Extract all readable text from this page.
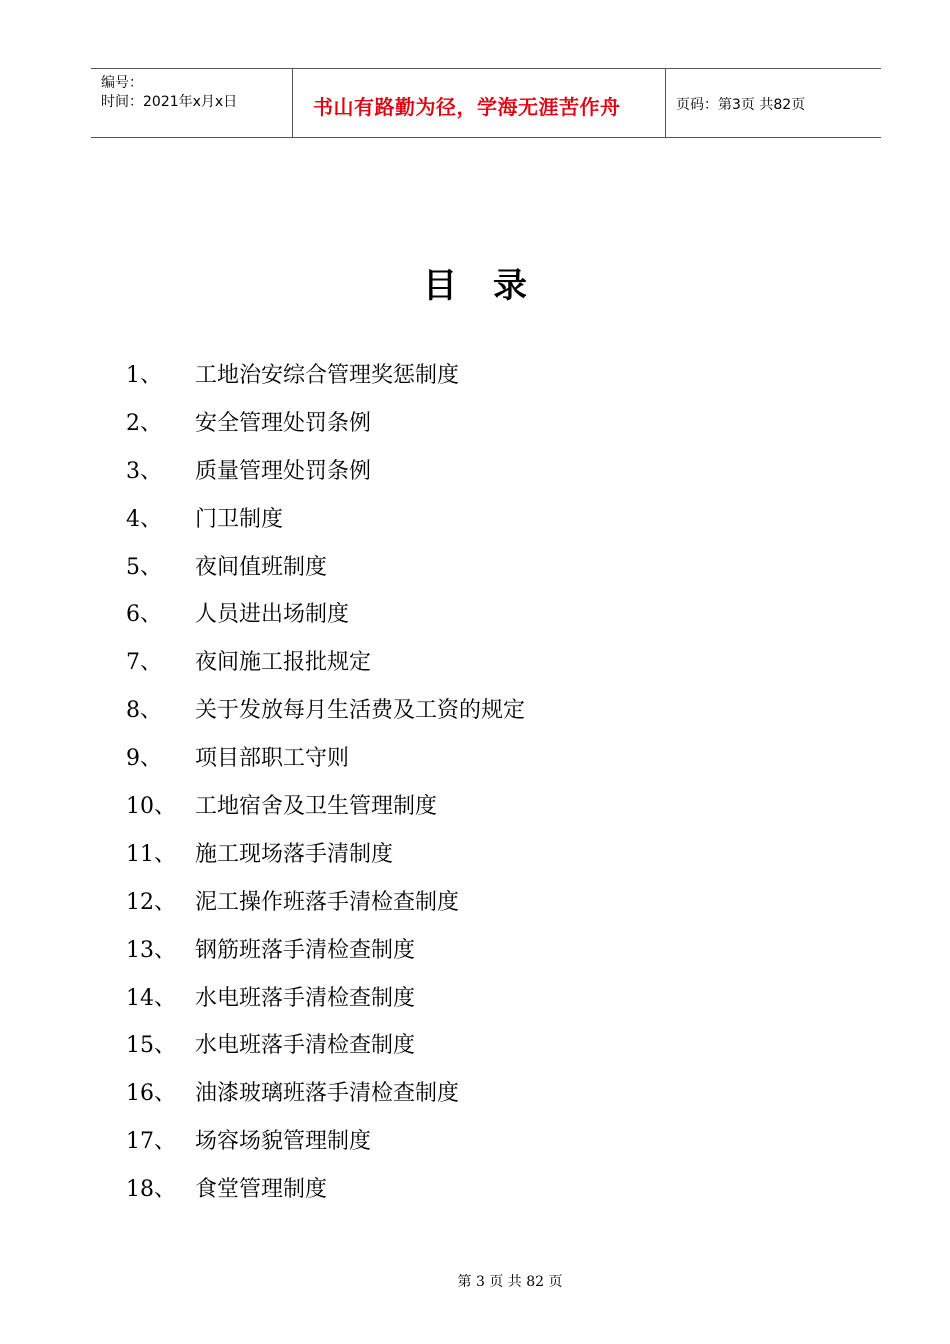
编号：
时间：2021年x月x日	书山有路勤为径，学海无涯苦作舟	页码：第3页 共82页
目录
1、 工地治安综合管理奖惩制度
2、 安全管理处罚条例
3、 质量管理处罚条例
4、 门卫制度
5、 夜间值班制度
6、 人员进出场制度
7、 夜间施工报批规定
8、 关于发放每月生活费及工资的规定
9、 项目部职工守则
10、 工地宿舍及卫生管理制度
11、 施工现场落手清制度
12、 泥工操作班落手清检查制度
13、 钢筋班落手清检查制度
14、 水电班落手清检查制度
15、 水电班落手清检查制度
16、 油漆玻璃班落手清检查制度
17、 场容场貌管理制度
18、 食堂管理制度
第 3 页 共 82 页
